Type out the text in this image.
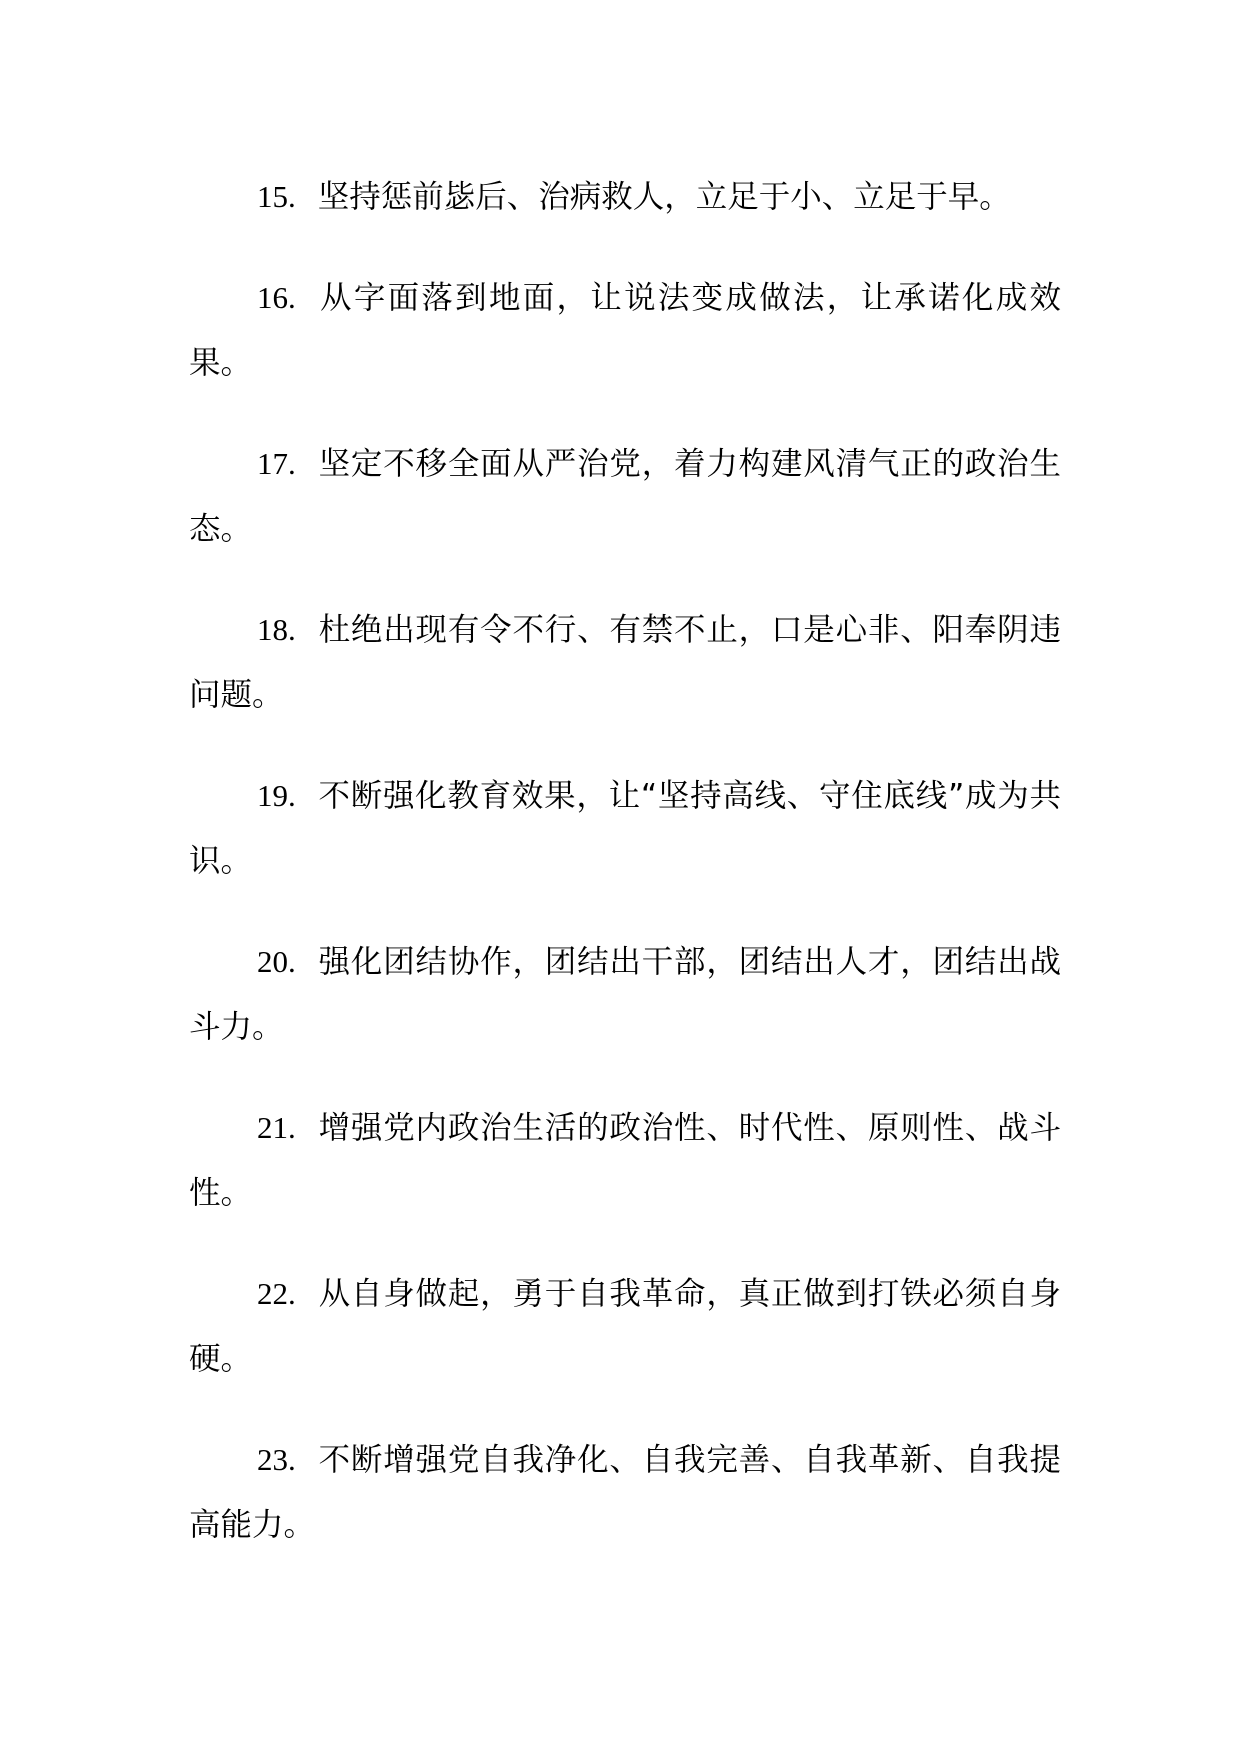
15. 坚持惩前毖后、治病救人，立足于小、立足于早。
16. 从字面落到地面，让说法变成做法，让承诺化成效果。
17. 坚定不移全面从严治党，着力构建风清气正的政治生态。
18. 杜绝出现有令不行、有禁不止，口是心非、阳奉阴违问题。
19. 不断强化教育效果，让“坚持高线、守住底线”成为共识。
20. 强化团结协作，团结出干部，团结出人才，团结出战斗力。
21. 增强党内政治生活的政治性、时代性、原则性、战斗性。
22. 从自身做起，勇于自我革命，真正做到打铁必须自身硬。
23. 不断增强党自我净化、自我完善、自我革新、自我提高能力。
